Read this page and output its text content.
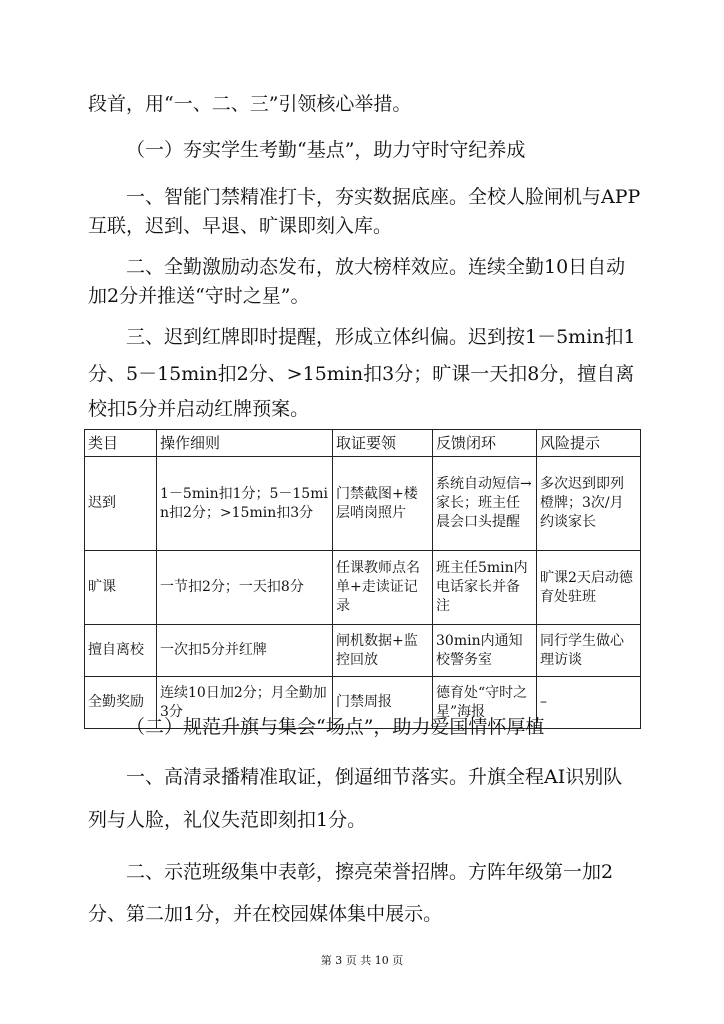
段首，用“一、二、三”引领核心举措。
（一）夯实学生考勤“基点”，助力守时守纪养成
一、智能门禁精准打卡，夯实数据底座。全校人脸闸机与APP
互联，迟到、早退、旷课即刻入库。
二、全勤激励动态发布，放大榜样效应。连续全勤10日自动
加2分并推送“守时之星”。
三、迟到红牌即时提醒，形成立体纠偏。迟到按1－5min扣1
分、5－15min扣2分、>15min扣3分；旷课一天扣8分，擅自离
校扣5分并启动红牌预案。
类目	操作细则	取证要领	反馈闭环	风险提示
迟到	1－5min扣1分；5－15min扣2分；>15min扣3分	门禁截图+楼层哨岗照片	系统自动短信→家长；班主任晨会口头提醒	多次迟到即列橙牌；3次/月约谈家长
旷课	一节扣2分；一天扣8分	任课教师点名单+走读证记录	班主任5min内电话家长并备注	旷课2天启动德育处驻班
擅自离校	一次扣5分并红牌	闸机数据+监控回放	30min内通知校警务室	同行学生做心理访谈
全勤奖励	连续10日加2分；月全勤加3分	门禁周报	德育处“守时之星”海报	–
（二）规范升旗与集会“场点”，助力爱国情怀厚植
一、高清录播精准取证，倒逼细节落实。升旗全程AI识别队
列与人脸，礼仪失范即刻扣1分。
二、示范班级集中表彰，擦亮荣誉招牌。方阵年级第一加2
分、第二加1分，并在校园媒体集中展示。
第 3 页 共 10 页
